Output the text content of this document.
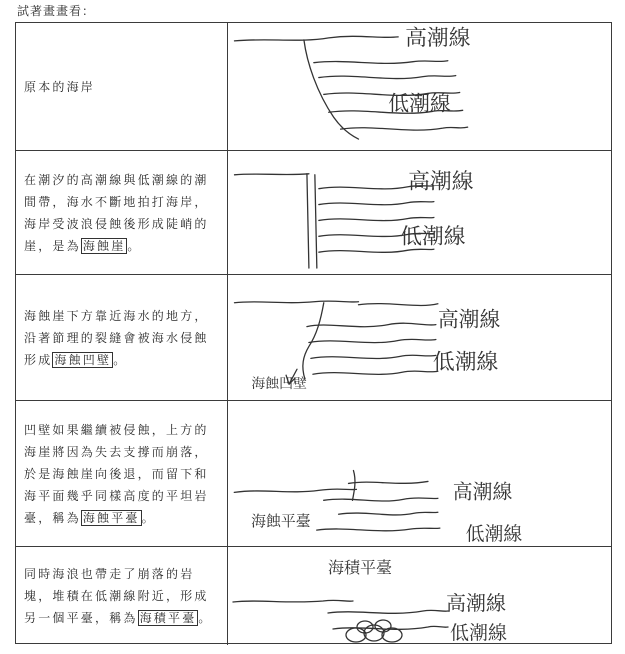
試著畫畫看：
原本的海岸
高潮線
低潮線
在潮汐的高潮線與低潮線的潮間帶，海水不斷地拍打海岸，海岸受波浪侵蝕後形成陡峭的崖，是為 海蝕崖 。
高潮線
低潮線
海蝕崖下方靠近海水的地方，沿著節理的裂縫會被海水侵蝕形成 海蝕凹壁 。
高潮線
低潮線
海蝕凹壁
凹壁如果繼續被侵蝕，上方的海崖將因為失去支撐而崩落，於是海蝕崖向後退，而留下和海平面幾乎同樣高度的平坦岩臺，稱為 海蝕平臺 。
高潮線
低潮線
海蝕平臺
同時海浪也帶走了崩落的岩塊，堆積在低潮線附近，形成另一個平臺，稱為 海積平臺 。
海積平臺
高潮線
低潮線
